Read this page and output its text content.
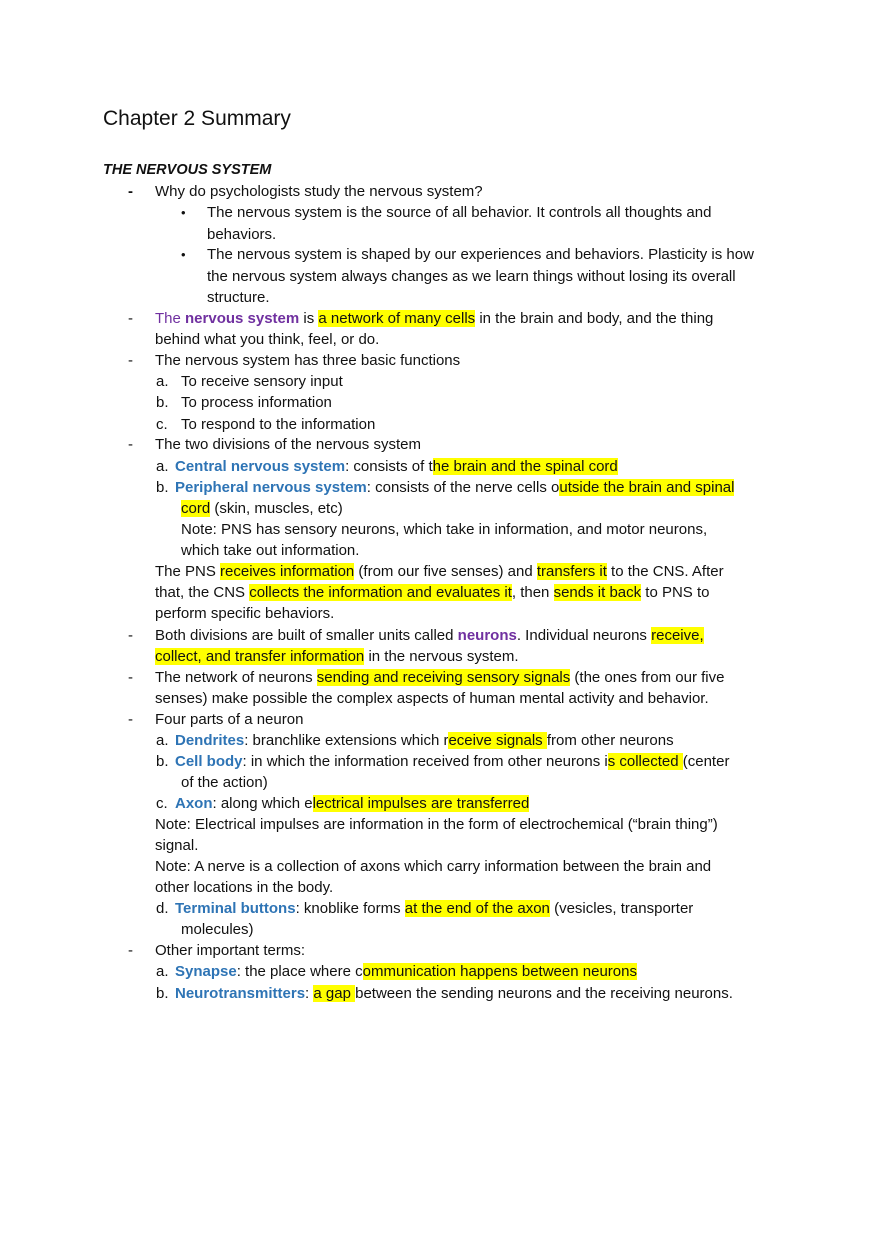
Chapter 2 Summary
THE NERVOUS SYSTEM
- Why do psychologists study the nervous system?
• The nervous system is the source of all behavior. It controls all thoughts and
behaviors.
• The nervous system is shaped by our experiences and behaviors. Plasticity is how
the nervous system always changes as we learn things without losing its overall
structure.
- The nervous system is a network of many cells in the brain and body, and the thing
behind what you think, feel, or do.
- The nervous system has three basic functions
a. To receive sensory input
b. To process information
c. To respond to the information
- The two divisions of the nervous system
a. Central nervous system: consists of the brain and the spinal cord
b. Peripheral nervous system: consists of the nerve cells outside the brain and spinal
cord (skin, muscles, etc)
Note: PNS has sensory neurons, which take in information, and motor neurons,
which take out information.
The PNS receives information (from our five senses) and transfers it to the CNS. After
that, the CNS collects the information and evaluates it, then sends it back to PNS to
perform specific behaviors.
- Both divisions are built of smaller units called neurons. Individual neurons receive,
collect, and transfer information in the nervous system.
- The network of neurons sending and receiving sensory signals (the ones from our five
senses) make possible the complex aspects of human mental activity and behavior.
- Four parts of a neuron
a. Dendrites: branchlike extensions which receive signals from other neurons
b. Cell body: in which the information received from other neurons is collected (center
of the action)
c. Axon: along which electrical impulses are transferred
Note: Electrical impulses are information in the form of electrochemical (“brain thing”)
signal.
Note: A nerve is a collection of axons which carry information between the brain and
other locations in the body.
d. Terminal buttons: knoblike forms at the end of the axon (vesicles, transporter
molecules)
- Other important terms:
a. Synapse: the place where communication happens between neurons
b. Neurotransmitters: a gap between the sending neurons and the receiving neurons.
